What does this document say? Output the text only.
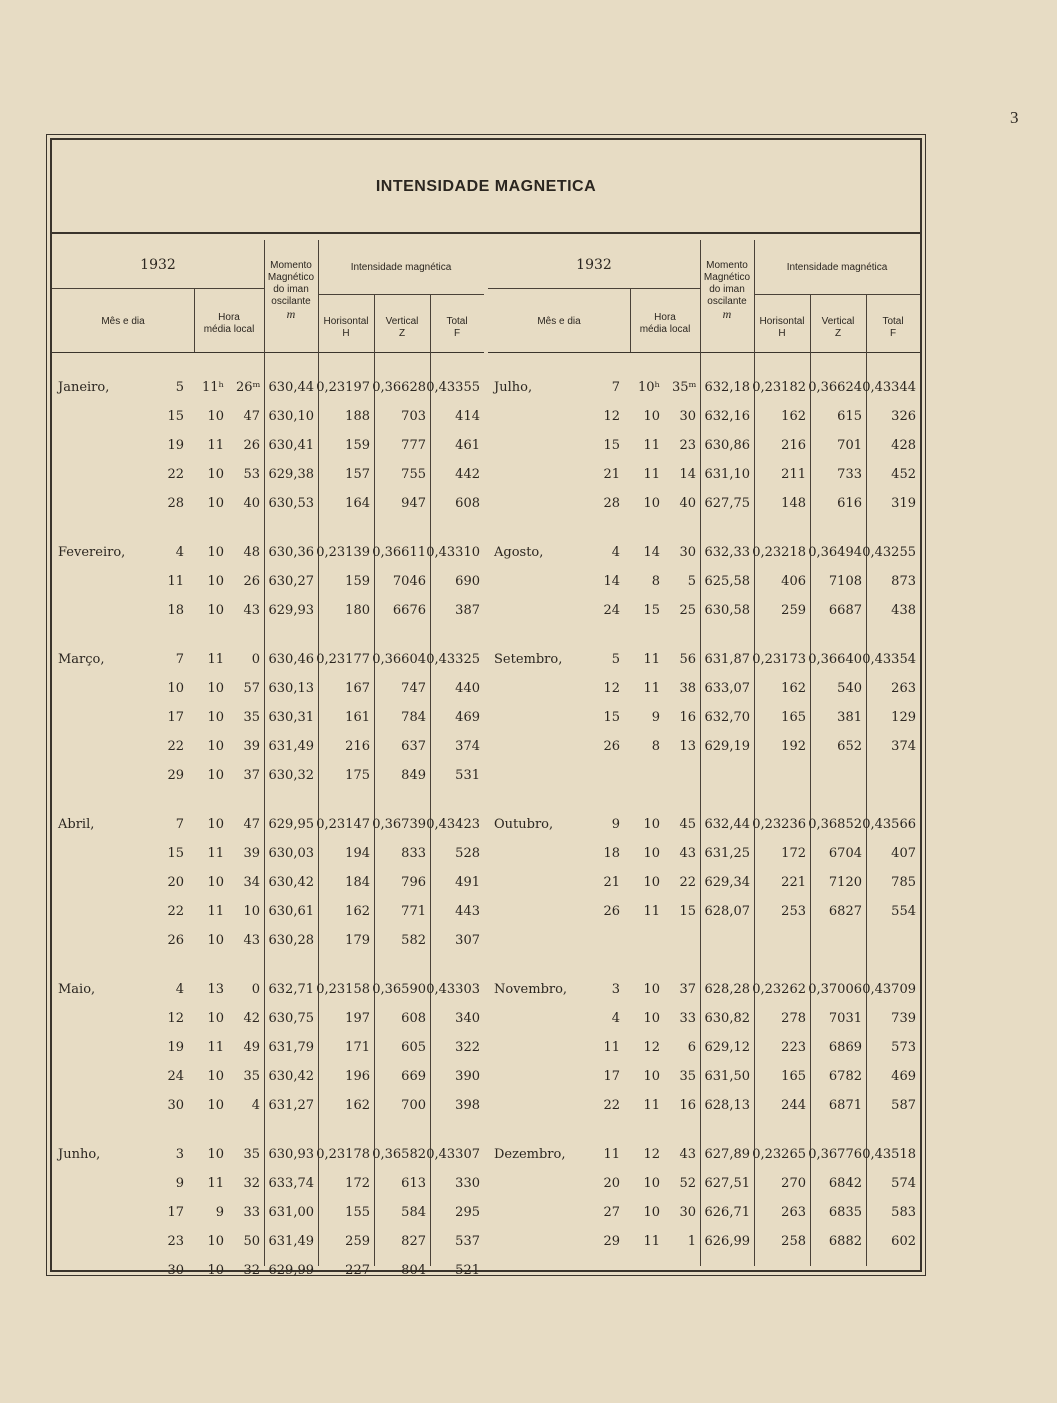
3
INTENSIDADE MAGNETICA
1932
Mês e dia	Hora
média local
Momento
Magnético
do iman
oscilante
m
Intensidade magnética
Horisontal
H
Vertical
Z
Total
F
Janeiro,	5 11ʰ 26ᵐ 630,44 0,23197 0,36628 0,43355
15	10	47 630,10	188	703	414
19	11	26 630,41	159	777	461
22	10	53 629,38	157	755	442
28	10	40 630,53	164	947	608
Fevereiro,	4	10	48 630,36 0,23139 0,36611 0,43310
11	10	26 630,27	159	7046	690
18	10	43 629,93	180	6676	387
Março,	7	11	0 630,46 0,23177 0,36604 0,43325
10	10	57 630,13	167	747	440
17	10	35 630,31	161	784	469
22	10	39 631,49	216	637	374
29	10	37 630,32	175	849	531
Abril,	7	10	47 629,95 0,23147 0,36739 0,43423
15	11	39 630,03	194	833	528
20	10	34 630,42	184	796	491
22	11	10 630,61	162	771	443
26	10	43 630,28	179	582	307
Maio,	4	13	0 632,71 0,23158 0,36590 0,43303
12	10	42 630,75	197	608	340
19	11	49 631,79	171	605	322
24	10	35 630,42	196	669	390
30	10	4 631,27	162	700	398
Junho,	3	10	35 630,93 0,23178 0,36582 0,43307
9	11	32 633,74	172	613	330
17	9	33 631,00	155	584	295
23	10	50 631,49	259	827	537
30	10	32 629,99	227	804	521
1932
Mês e dia	Hora
média local
Momento
Magnético
do iman
oscilante
m
Intensidade magnética
Horisontal
H
Vertical
Z
Total
F
Julho,	7 10ʰ 35ᵐ 632,18 0,23182 0,36624 0,43344
12	10	30 632,16	162	615	326
15	11	23 630,86	216	701	428
21	11	14 631,10	211	733	452
28	10	40 627,75	148	616	319
Agosto,	4	14	30 632,33 0,23218 0,36494 0,43255
14	8	5 625,58	406	7108	873
24	15	25 630,58	259	6687	438
Setembro,	5	11	56 631,87 0,23173 0,36640 0,43354
12	11	38 633,07	162	540	263
15	9	16 632,70	165	381	129
26	8	13 629,19	192	652	374
Outubro,	9	10	45 632,44 0,23236 0,36852 0,43566
18	10	43 631,25	172	6704	407
21	10	22 629,34	221	7120	785
26	11	15 628,07	253	6827	554
Novembro,	3	10	37 628,28 0,23262 0,37006 0,43709
4	10	33 630,82	278	7031	739
11	12	6 629,12	223	6869	573
17	10	35 631,50	165	6782	469
22	11	16 628,13	244	6871	587
Dezembro,	11	12	43 627,89 0,23265 0,36776 0,43518
20	10	52 627,51	270	6842	574
27	10	30 626,71	263	6835	583
29	11	1 626,99	258	6882	602
